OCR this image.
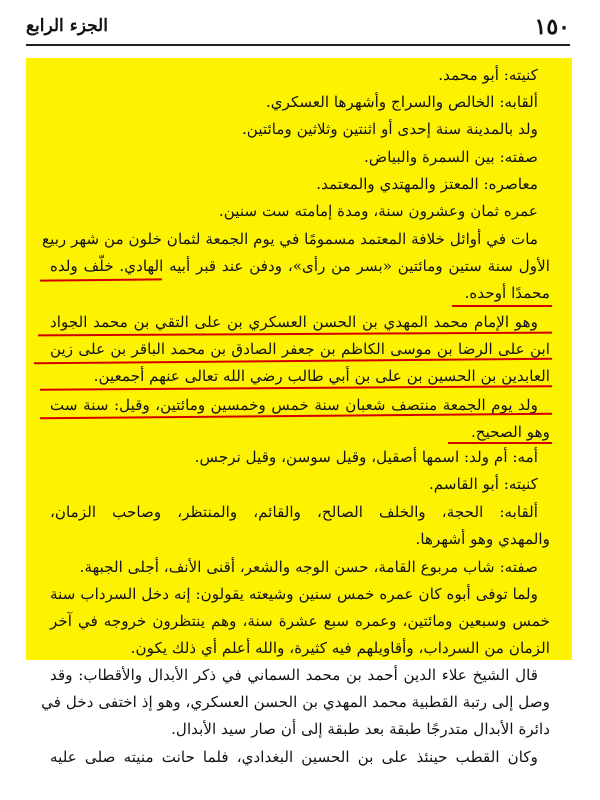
١٥٠
الجزء الرابع
كنيته: أبو محمد.
ألقابه: الخالص والسراج وأشهرها العسكري.
ولد بالمدينة سنة إحدى أو اثنتين وثلاثين ومائتين.
صفته: بين السمرة والبياض.
معاصره: المعتز والمهتدي والمعتمد.
عمره ثمان وعشرون سنة، ومدة إمامته ست سنين.
مات في أوائل خلافة المعتمد مسمومًا في يوم الجمعة لثمان خلون من شهر ربيع
الأول سنة ستين ومائتين «بسر من رأى»، ودفن عند قبر أبيه الهادي. خلّف ولده
محمدًا أوحده.
وهو الإمام محمد المهدي بن الحسن العسكري بن على التقي بن محمد الجواد
ابن على الرضا بن موسى الكاظم بن جعفر الصادق بن محمد الباقر بن على زين
العابدين بن الحسين بن على بن أبي طالب رضي الله تعالى عنهم أجمعين.
ولد يوم الجمعة منتصف شعبان سنة خمس وخمسين ومائتين، وقيل: سنة ست
وهو الصحيح.
أمه: أم ولد: اسمها أصقيل، وقيل سوسن، وقيل نرجس.
كنيته: أبو القاسم.
ألقابه: الحجة، والخلف الصالح، والقائم، والمنتظر، وصاحب الزمان،
والمهدي وهو أشهرها.
صفته: شاب مربوع القامة، حسن الوجه والشعر، أقنى الأنف، أجلى الجبهة.
ولما توفى أبوه كان عمره خمس سنين وشيعته يقولون: إنه دخل السرداب سنة
خمس وسبعين ومائتين، وعمره سبع عشرة سنة، وهم ينتظرون خروجه في آخر
الزمان من السرداب، وأقاويلهم فيه كثيرة، والله أعلم أي ذلك يكون.
قال الشيخ علاء الدين أحمد بن محمد السماني في ذكر الأبدال والأقطاب: وقد
وصل إلى رتبة القطبية محمد المهدي بن الحسن العسكري، وهو إذ اختفى دخل في
دائرة الأبدال متدرجًا طبقة بعد طبقة إلى أن صار سيد الأبدال.
وكان القطب حينئذ على بن الحسين البغدادي، فلما حانت منيته صلى عليه
